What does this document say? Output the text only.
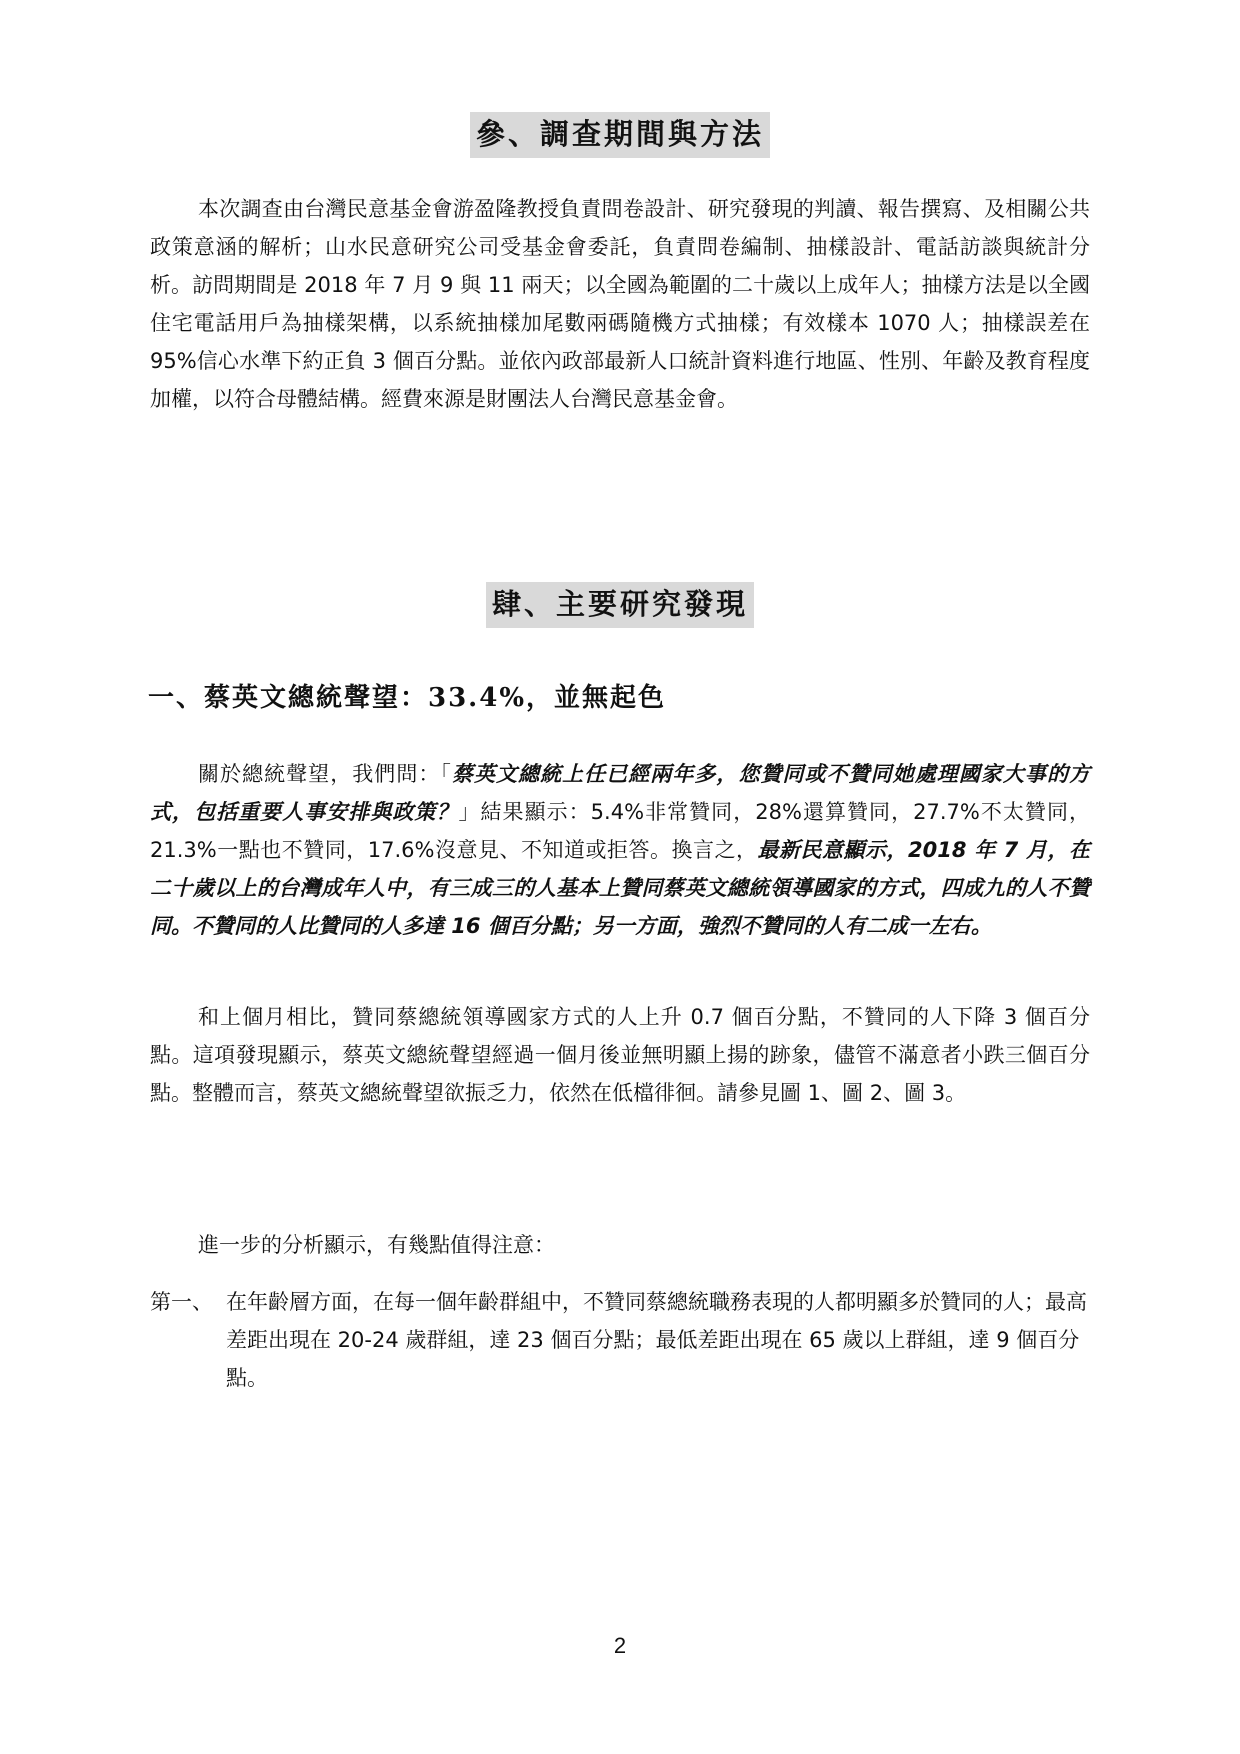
參、調查期間與方法
本次調查由台灣民意基金會游盈隆教授負責問卷設計、研究發現的判讀、報告撰寫、及相關公共政策意涵的解析；山水民意研究公司受基金會委託，負責問卷編制、抽樣設計、電話訪談與統計分析。訪問期間是 2018 年 7 月 9 與 11 兩天；以全國為範圍的二十歲以上成年人；抽樣方法是以全國住宅電話用戶為抽樣架構，以系統抽樣加尾數兩碼隨機方式抽樣；有效樣本 1070 人；抽樣誤差在 95%信心水準下約正負 3 個百分點。並依內政部最新人口統計資料進行地區、性別、年齡及教育程度加權，以符合母體結構。經費來源是財團法人台灣民意基金會。
肆、主要研究發現
一、蔡英文總統聲望：33.4%，並無起色
關於總統聲望，我們問：「蔡英文總統上任已經兩年多，您贊同或不贊同她處理國家大事的方式，包括重要人事安排與政策？」結果顯示：5.4%非常贊同，28%還算贊同，27.7%不太贊同，21.3%一點也不贊同，17.6%沒意見、不知道或拒答。換言之，最新民意顯示，2018 年 7 月，在二十歲以上的台灣成年人中，有三成三的人基本上贊同蔡英文總統領導國家的方式，四成九的人不贊同。不贊同的人比贊同的人多達 16 個百分點；另一方面，強烈不贊同的人有二成一左右。
和上個月相比，贊同蔡總統領導國家方式的人上升 0.7 個百分點，不贊同的人下降 3 個百分點。這項發現顯示，蔡英文總統聲望經過一個月後並無明顯上揚的跡象，儘管不滿意者小跌三個百分點。整體而言，蔡英文總統聲望欲振乏力，依然在低檔徘徊。請參見圖 1、圖 2、圖 3。
進一步的分析顯示，有幾點值得注意：
第一、 在年齡層方面，在每一個年齡群組中，不贊同蔡總統職務表現的人都明顯多於贊同的人；最高差距出現在 20-24 歲群組，達 23 個百分點；最低差距出現在 65 歲以上群組，達 9 個百分點。
2
